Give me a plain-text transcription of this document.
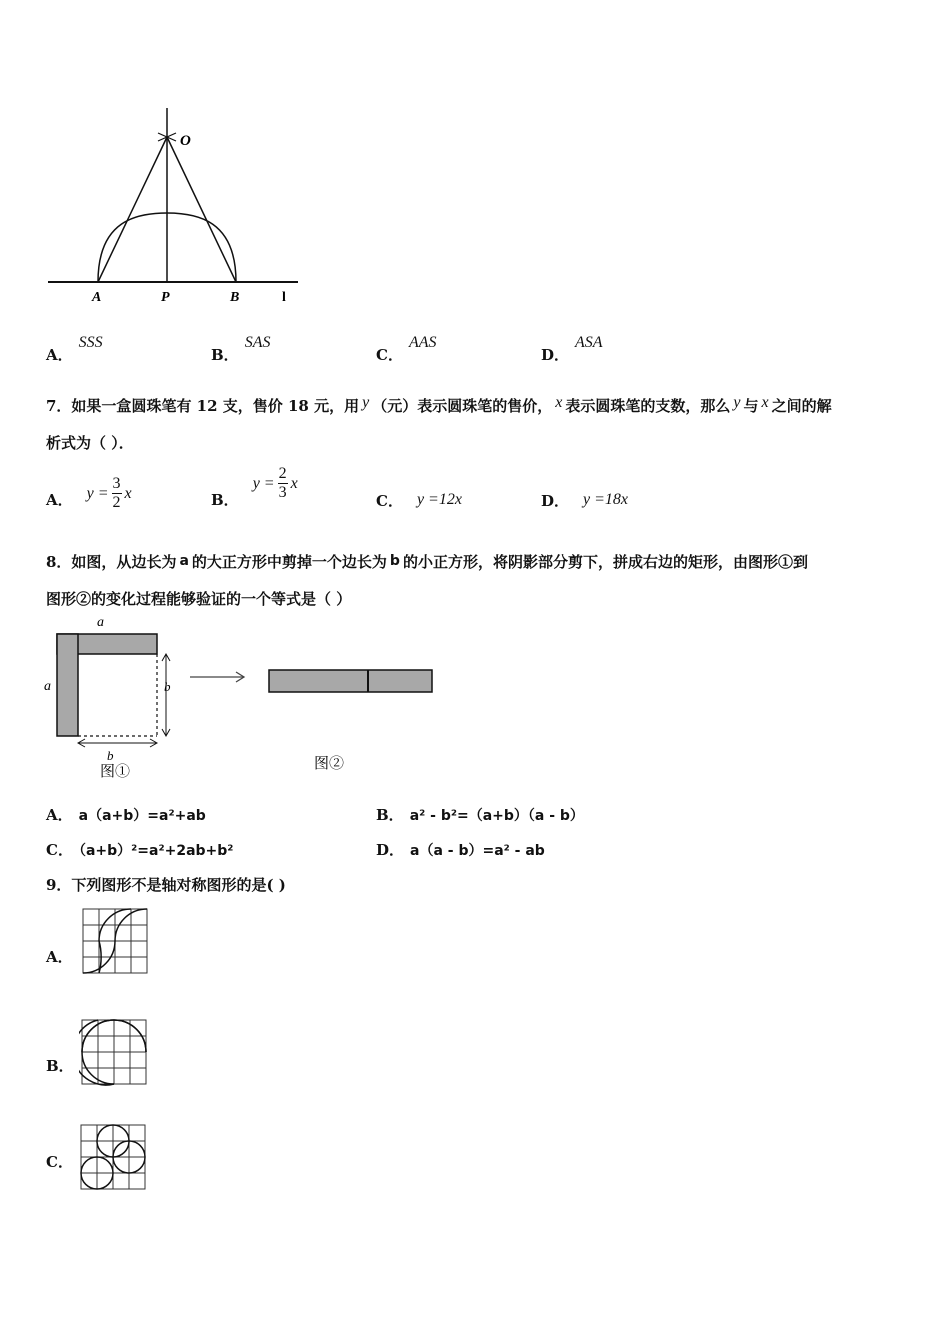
O
A	P	B	l
A．SSS
B．SAS
C．AAS
D．ASA
7．如果一盒圆珠笔有 12 支，售价 18 元，用 y （元）表示圆珠笔的售价， x 表示圆珠笔的支数，那么 y 与 x 之间的解
析式为（ ）．
A． $y = \frac{3}{2}$ x	B．
$y = \frac{2}{3}$ x
C． y =12x	D． y =18x
8．如图，从边长为 a 的大正方形中剪掉一个边长为 b 的小正方形，将阴影部分剪下，拼成右边的矩形，由图形①到
图形②的变化过程能够验证的一个等式是（ ）
a
a	b
b
图①	图②
A． a（a+b）=a²+ab	B． a² - b²=（a+b）（a - b）
C． （a+b）²=a²+2ab+b²	D． a（a - b）=a² - ab
9．下列图形不是轴对称图形的是( )
A．
B．
C．
